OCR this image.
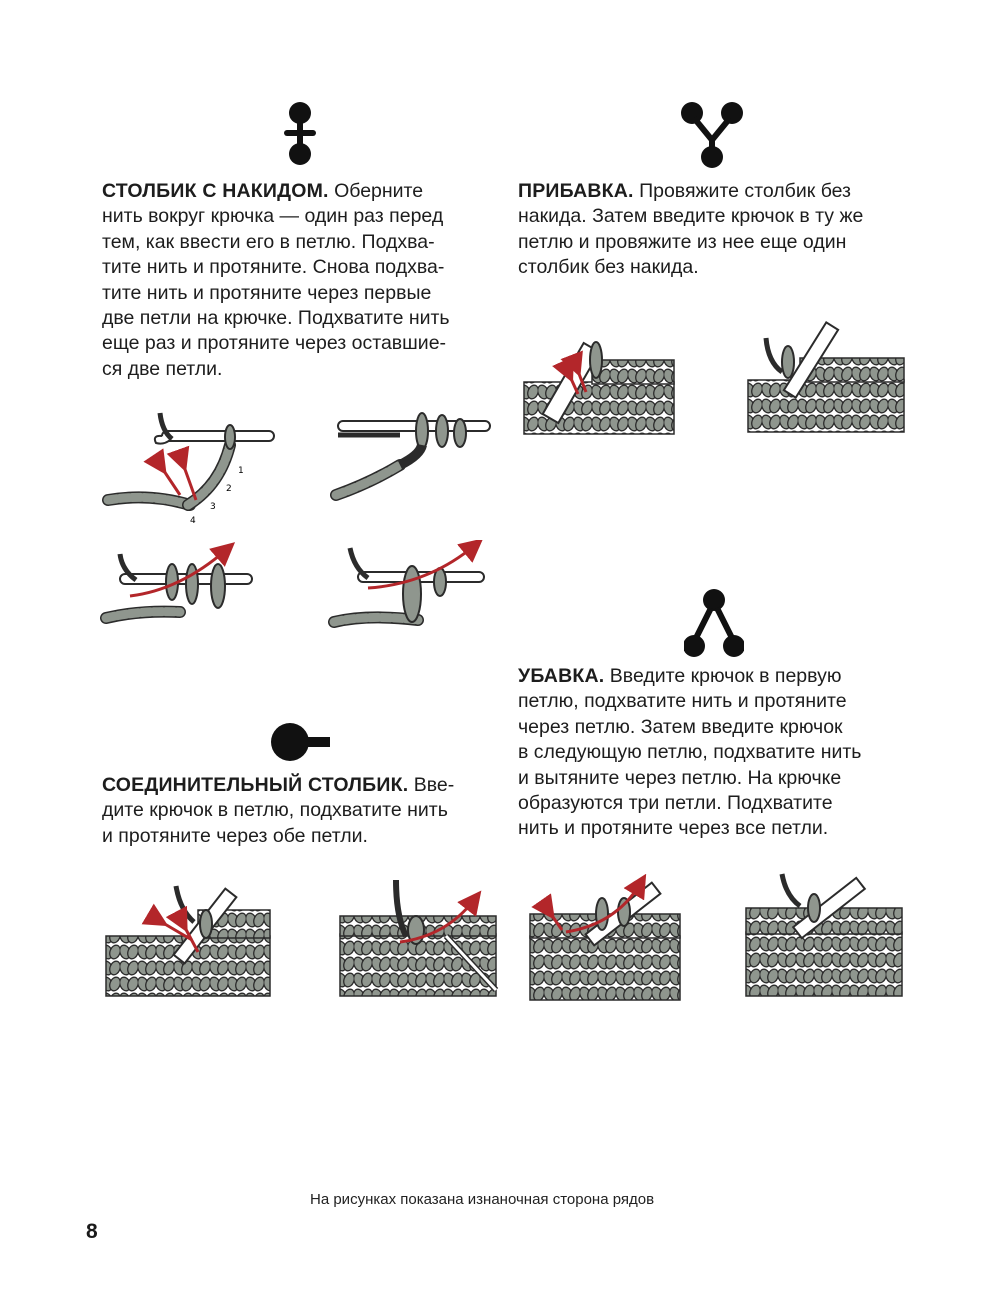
СТОЛБИК С НАКИДОМ. Оберните
нить вокруг крючка — один раз перед
тем, как ввести его в петлю. Подхва-
тите нить и протяните. Снова подхва-
тите нить и протяните через первые
две петли на крючке. Подхватите нить
еще раз и протяните через оставшие-
ся две петли.
ПРИБАВКА. Провяжите столбик без
накида. Затем введите крючок в ту же
петлю и провяжите из нее еще один
столбик без накида.
УБАВКА. Введите крючок в первую
петлю, подхватите нить и протяните
через петлю. Затем введите крючок
в следующую петлю, подхватите нить
и вытяните через петлю. На крючке
образуются три петли. Подхватите
нить и протяните через все петли.
СОЕДИНИТЕЛЬНЫЙ СТОЛБИК. Вве-
дите крючок в петлю, подхватите нить
и протяните через обе петли.
1
2
3
4
На рисунках показана изнаночная сторона рядов
8
